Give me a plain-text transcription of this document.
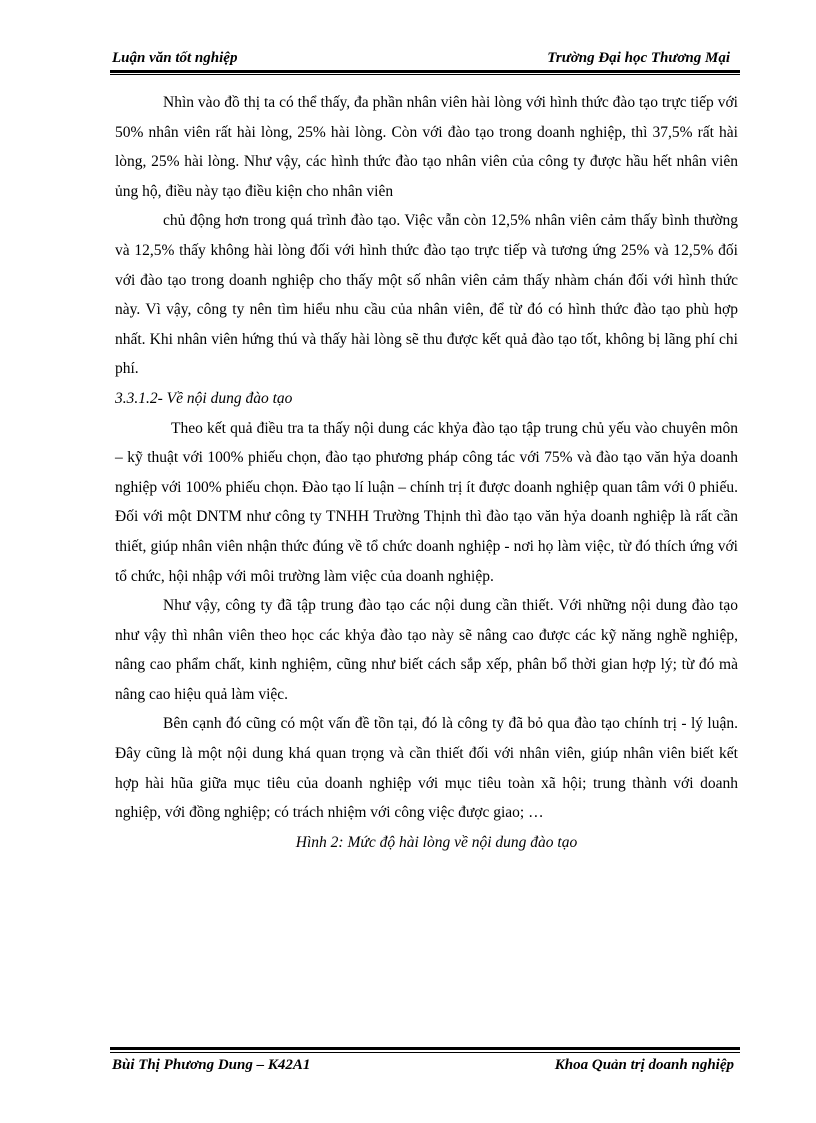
Luận văn tốt nghiệp	Trường Đại học Thương Mại

Nhìn vào đồ thị ta có thể thấy, đa phần nhân viên hài lòng với hình thức đào tạo trực tiếp với 50% nhân viên rất hài lòng, 25% hài lòng. Còn với đào tạo trong doanh nghiệp, thì 37,5% rất hài lòng, 25% hài lòng. Như vậy, các hình thức đào tạo nhân viên của công ty được hầu hết nhân viên ủng hộ, điều này tạo điều kiện cho nhân viên

chủ động hơn trong quá trình đào tạo. Việc vẫn còn 12,5% nhân viên cảm thấy bình thường và 12,5% thấy không hài lòng đối với hình thức đào tạo trực tiếp và tương ứng 25% và 12,5% đối với đào tạo trong doanh nghiệp cho thấy một số nhân viên cảm thấy nhàm chán đối với hình thức này. Vì vậy, công ty nên tìm hiểu nhu cầu của nhân viên, để từ đó có hình thức đào tạo phù hợp nhất. Khi nhân viên hứng thú và thấy hài lòng sẽ thu được kết quả đào tạo tốt, không bị lãng phí chi phí.

3.3.1.2- Về nội dung đào tạo

Theo kết quả điều tra ta thấy nội dung các khỷa đào tạo tập trung chủ yếu vào chuyên môn – kỹ thuật với 100% phiếu chọn, đào tạo phương pháp công tác với 75% và đào tạo văn hỷa doanh nghiệp với 100% phiếu chọn. Đào tạo lí luận – chính trị ít được doanh nghiệp quan tâm với 0 phiếu. Đối với một DNTM như công ty TNHH Trường Thịnh thì đào tạo văn hỷa doanh nghiệp là rất cần thiết, giúp nhân viên nhận thức đúng về tổ chức doanh nghiệp - nơi họ làm việc, từ đó thích ứng với tổ chức, hội nhập với môi trường làm việc của doanh nghiệp.

Như vậy, công ty đã tập trung đào tạo các nội dung cần thiết. Với những nội dung đào tạo như vậy thì nhân viên theo học các khỷa đào tạo này sẽ nâng cao được các kỹ năng nghề nghiệp, nâng cao phẩm chất, kinh nghiệm, cũng như biết cách sắp xếp, phân bổ thời gian hợp lý; từ đó mà nâng cao hiệu quả làm việc.

Bên cạnh đó cũng có một vấn đề tồn tại, đó là công ty đã bỏ qua đào tạo chính trị - lý luận. Đây cũng là một nội dung khá quan trọng và cần thiết đối với nhân viên, giúp nhân viên biết kết hợp hài hũa giữa mục tiêu của doanh nghiệp với mục tiêu toàn xã hội; trung thành với doanh nghiệp, với đồng nghiệp; có trách nhiệm với công việc được giao; …

Hình 2: Mức độ hài lòng về nội dung đào tạo

Bùi Thị Phương Dung – K42A1	Khoa Quản trị doanh nghiệp
